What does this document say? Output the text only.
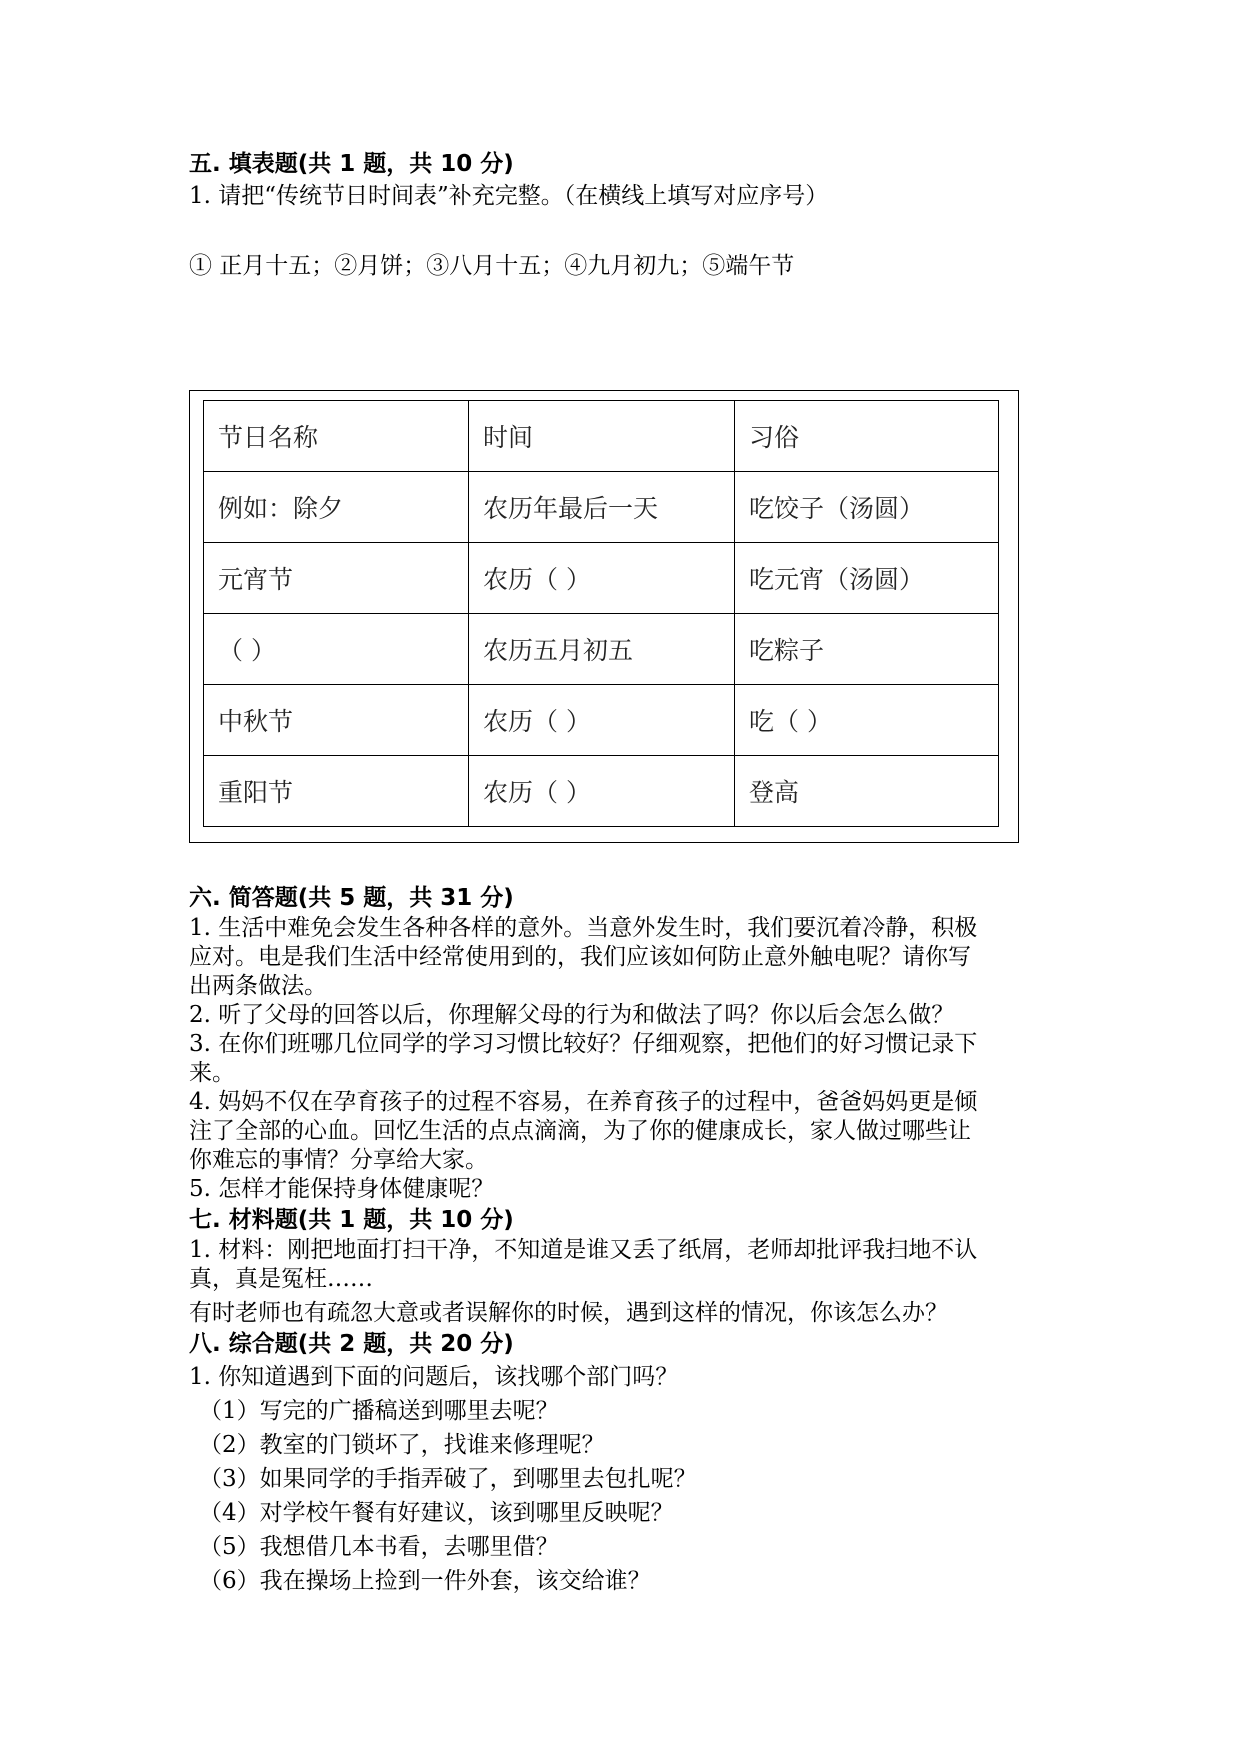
五. 填表题(共 1 题，共 10 分)

1. 请把“传统节日时间表”补充完整。（在横线上填写对应序号）

① 正月十五；②月饼；③八月十五；④九月初九；⑤端午节

节日名称	时间	习俗
例如：除夕	农历年最后一天	吃饺子（汤圆）
元宵节	农历（ ）	吃元宵（汤圆）
（ ）	农历五月初五	吃粽子
中秋节	农历（ ）	吃（ ）
重阳节	农历（ ）	登高

六. 简答题(共 5 题，共 31 分)

1. 生活中难免会发生各种各样的意外。当意外发生时，我们要沉着冷静，积极

应对。电是我们生活中经常使用到的，我们应该如何防止意外触电呢？请你写

出两条做法。

2. 听了父母的回答以后，你理解父母的行为和做法了吗？你以后会怎么做？

3. 在你们班哪几位同学的学习习惯比较好？仔细观察，把他们的好习惯记录下

来。

4. 妈妈不仅在孕育孩子的过程不容易，在养育孩子的过程中，爸爸妈妈更是倾

注了全部的心血。回忆生活的点点滴滴，为了你的健康成长，家人做过哪些让

你难忘的事情？分享给大家。

5. 怎样才能保持身体健康呢？

七. 材料题(共 1 题，共 10 分)

1. 材料：刚把地面打扫干净，不知道是谁又丢了纸屑，老师却批评我扫地不认

真，真是冤枉……

有时老师也有疏忽大意或者误解你的时候，遇到这样的情况，你该怎么办？

八. 综合题(共 2 题，共 20 分)

1. 你知道遇到下面的问题后，该找哪个部门吗？

（1）写完的广播稿送到哪里去呢？

（2）教室的门锁坏了，找谁来修理呢？

（3）如果同学的手指弄破了，到哪里去包扎呢？

（4）对学校午餐有好建议，该到哪里反映呢？

（5）我想借几本书看，去哪里借？

（6）我在操场上捡到一件外套，该交给谁？
